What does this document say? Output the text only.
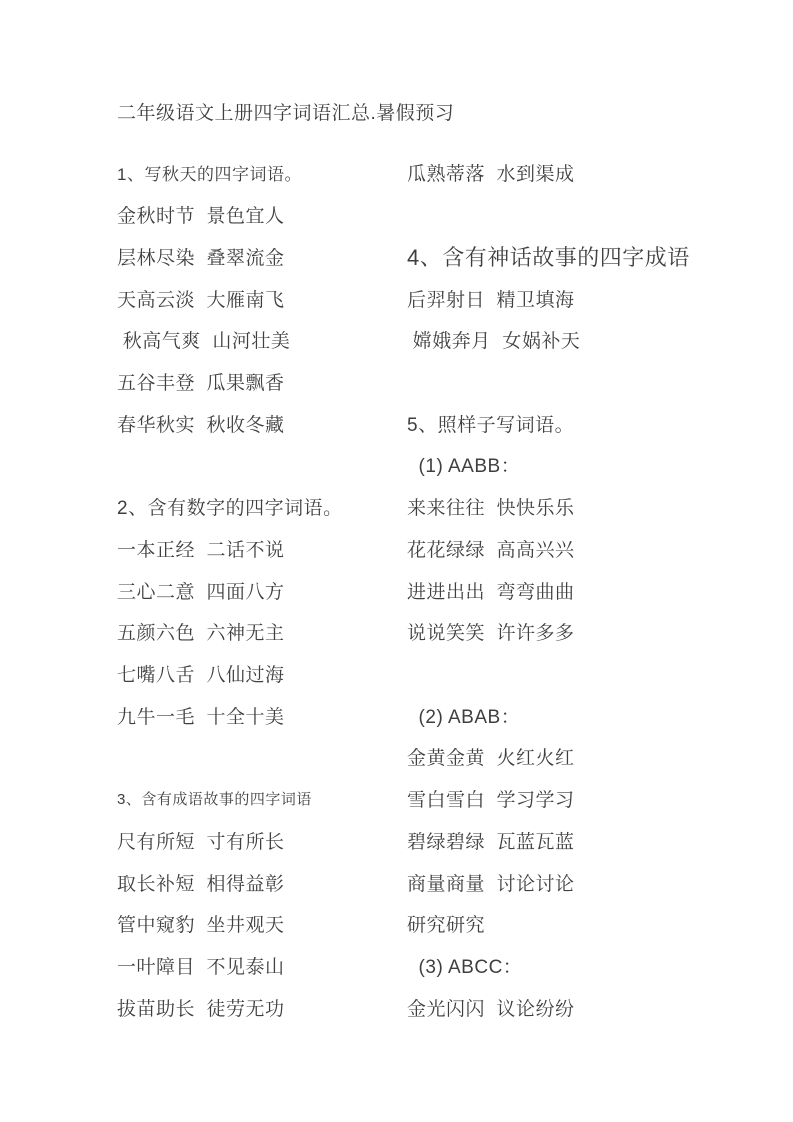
二年级语文上册四字词语汇总.暑假预习
1、写秋天的四字词语。
金秋时节  景色宜人
层林尽染  叠翠流金
天高云淡  大雁南飞
秋高气爽  山河壮美
五谷丰登  瓜果飘香
春华秋实  秋收冬藏
2、含有数字的四字词语。
一本正经  二话不说
三心二意  四面八方
五颜六色  六神无主
七嘴八舌  八仙过海
九牛一毛  十全十美
3、含有成语故事的四字词语
尺有所短  寸有所长
取长补短  相得益彰
管中窥豹  坐井观天
一叶障目  不见泰山
拔苗助长  徒劳无功
瓜熟蒂落  水到渠成
4、含有神话故事的四字成语
后羿射日  精卫填海
嫦娥奔月  女娲补天
5、照样子写词语。
(1) AABB：
来来往往  快快乐乐
花花绿绿  高高兴兴
进进出出  弯弯曲曲
说说笑笑  许许多多
(2) ABAB：
金黄金黄  火红火红
雪白雪白  学习学习
碧绿碧绿  瓦蓝瓦蓝
商量商量  讨论讨论
研究研究
(3) ABCC：
金光闪闪  议论纷纷
